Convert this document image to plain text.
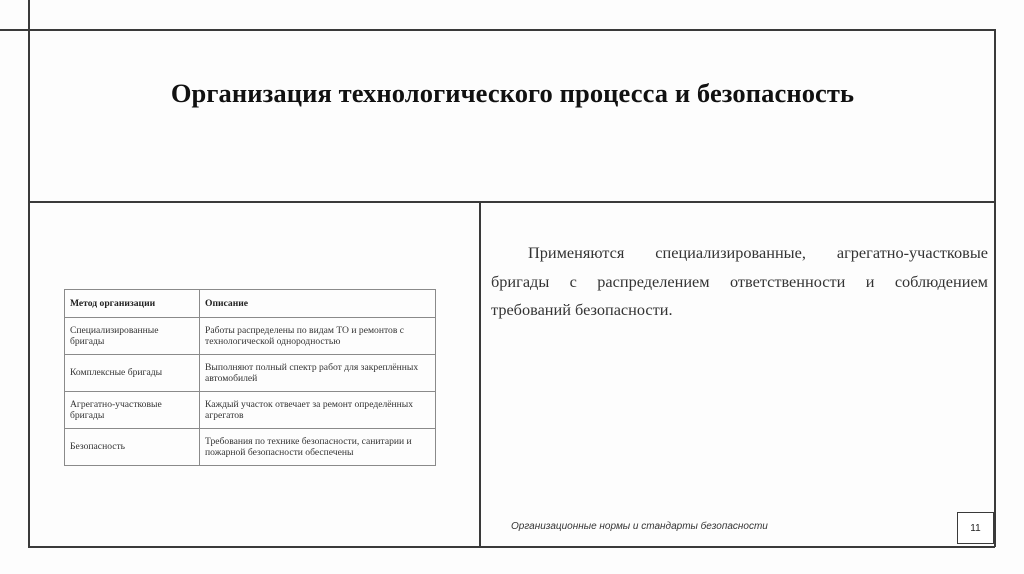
Организация технологического процесса и безопасность
Метод организации	Описание
Специализированные бригады	Работы распределены по видам ТО и ремонтов с технологической однородностью
Комплексные бригады	Выполняют полный спектр работ для закреплённых автомобилей
Агрегатно-участковые бригады	Каждый участок отвечает за ремонт определённых агрегатов
Безопасность	Требования по технике безопасности, санитарии и пожарной безопасности обеспечены
Применяются специализированные, агрегатно-участковые бригады с распределением ответственности и соблюдением требований безопасности.
Организационные нормы и стандарты безопасности	11
